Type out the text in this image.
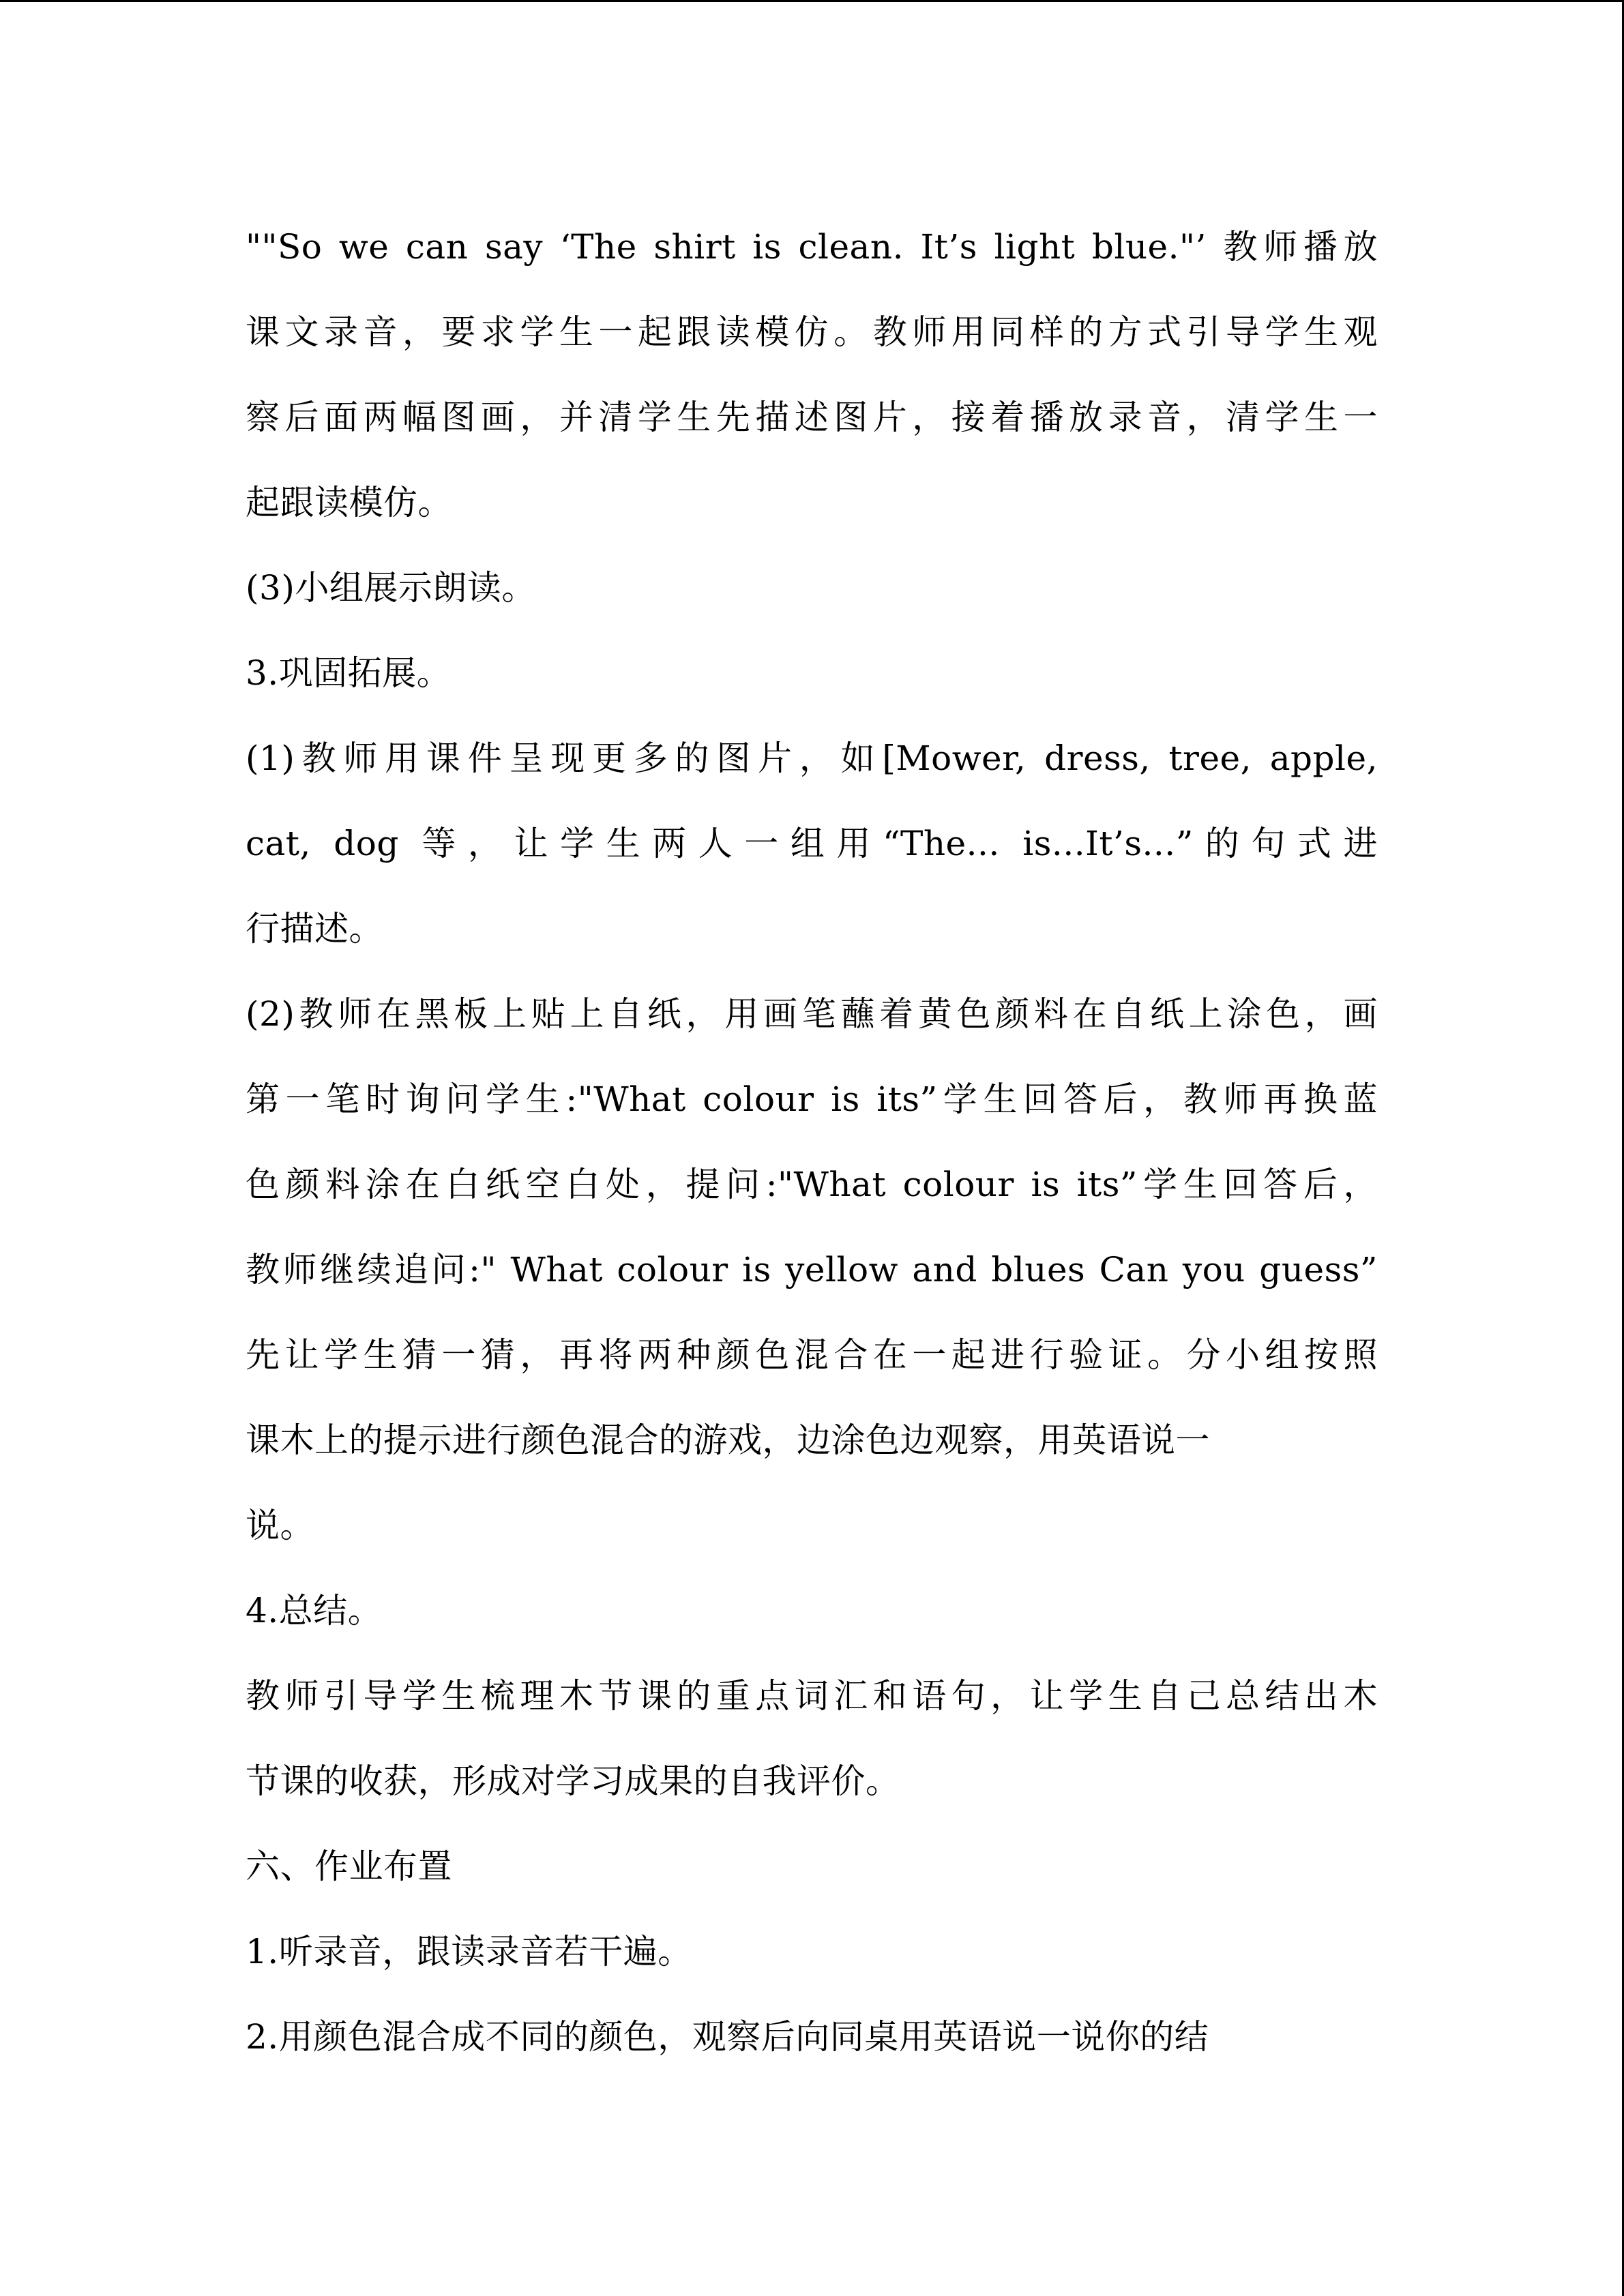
""So we can say ‘The shirt is clean. It’s light blue."’ 教师播放
课文录音，要求学生一起跟读模仿。教师用同样的方式引导学生观
察后面两幅图画，并清学生先描述图片，接着播放录音，清学生一
起跟读模仿。
(3)小组展示朗读。
3.巩固拓展。
(1)教师用课件呈现更多的图片，如[Mower, dress, tree, apple,
cat, dog 等，让学生两人一组用“The... is...It’s...”的句式进
行描述。
(2)教师在黑板上贴上自纸，用画笔蘸着黄色颜料在自纸上涂色，画
第一笔时询问学生:"What colour is its”学生回答后，教师再换蓝
色颜料涂在白纸空白处，提问:"What colour is its”学生回答后，
教师继续追问:" What colour is yellow and blues Can you guess”
先让学生猜一猜，再将两种颜色混合在一起进行验证。分小组按照
课木上的提示进行颜色混合的游戏，边涂色边观察，用英语说一
说。
4.总结。
教师引导学生梳理木节课的重点词汇和语句，让学生自己总结出木
节课的收获，形成对学习成果的自我评价。
六、作业布置
1.听录音，跟读录音若干遍。
2.用颜色混合成不同的颜色，观察后向同桌用英语说一说你的结
